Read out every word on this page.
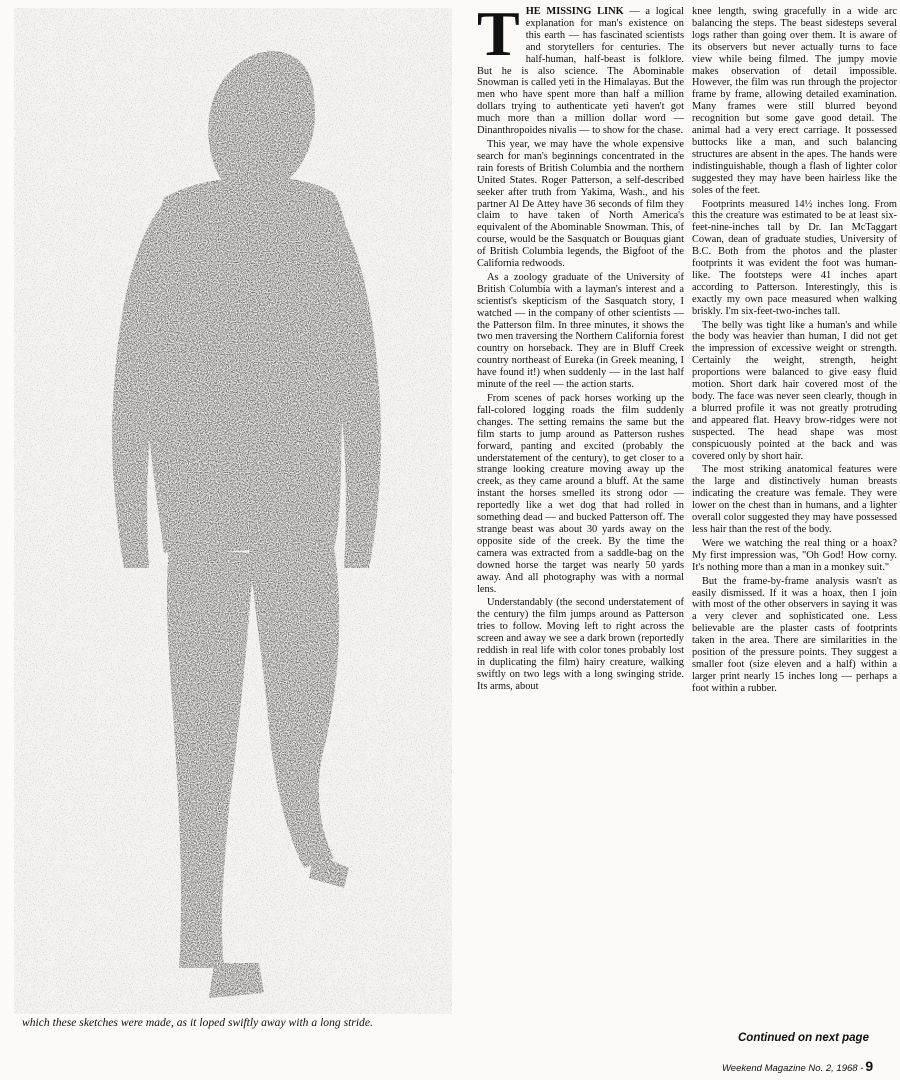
which these sketches were made, as it loped swiftly away with a long stride.

THE MISSING LINK — a logical explanation for man's existence on this earth — has fascinated scientists and storytellers for centuries. The half-human, half-beast is folklore. But he is also science. The Abominable Snowman is called yeti in the Himalayas. But the men who have spent more than half a million dollars trying to authenticate yeti haven't got much more than a million dollar word — Dinanthropoides nivalis — to show for the chase.

This year, we may have the whole expensive search for man's beginnings concentrated in the rain forests of British Columbia and the northern United States. Roger Patterson, a self-described seeker after truth from Yakima, Wash., and his partner Al De Attey have 36 seconds of film they claim to have taken of North America's equivalent of the Abominable Snowman. This, of course, would be the Sasquatch or Bouquas giant of British Columbia legends, the Bigfoot of the California redwoods.

As a zoology graduate of the University of British Columbia with a layman's interest and a scientist's skepticism of the Sasquatch story, I watched — in the company of other scientists — the Patterson film. In three minutes, it shows the two men traversing the Northern California forest country on horseback. They are in Bluff Creek country northeast of Eureka (in Greek meaning, I have found it!) when suddenly — in the last half minute of the reel — the action starts.

From scenes of pack horses working up the fall-colored logging roads the film suddenly changes. The setting remains the same but the film starts to jump around as Patterson rushes forward, panting and excited (probably the understatement of the century), to get closer to a strange looking creature moving away up the creek, as they came around a bluff. At the same instant the horses smelled its strong odor — reportedly like a wet dog that had rolled in something dead — and bucked Patterson off. The strange beast was about 30 yards away on the opposite side of the creek. By the time the camera was extracted from a saddle-bag on the downed horse the target was nearly 50 yards away. And all photography was with a normal lens.

Understandably (the second understatement of the century) the film jumps around as Patterson tries to follow. Moving left to right across the screen and away we see a dark brown (reportedly reddish in real life with color tones probably lost in duplicating the film) hairy creature, walking swiftly on two legs with a long swinging stride. Its arms, about

knee length, swing gracefully in a wide arc balancing the steps. The beast sidesteps several logs rather than going over them. It is aware of its observers but never actually turns to face view while being filmed. The jumpy movie makes observation of detail impossible. However, the film was run through the projector frame by frame, allowing detailed examination. Many frames were still blurred beyond recognition but some gave good detail. The animal had a very erect carriage. It possessed buttocks like a man, and such balancing structures are absent in the apes. The hands were indistinguishable, though a flash of lighter color suggested they may have been hairless like the soles of the feet.

Footprints measured 14½ inches long. From this the creature was estimated to be at least six-feet-nine-inches tall by Dr. Ian McTaggart Cowan, dean of graduate studies, University of B.C. Both from the photos and the plaster footprints it was evident the foot was human-like. The footsteps were 41 inches apart according to Patterson. Interestingly, this is exactly my own pace measured when walking briskly. I'm six-feet-two-inches tall.

The belly was tight like a human's and while the body was heavier than human, I did not get the impression of excessive weight or strength. Certainly the weight, strength, height proportions were balanced to give easy fluid motion. Short dark hair covered most of the body. The face was never seen clearly, though in a blurred profile it was not greatly protruding and appeared flat. Heavy brow-ridges were not suspected. The head shape was most conspicuously pointed at the back and was covered only by short hair.

The most striking anatomical features were the large and distinctively human breasts indicating the creature was female. They were lower on the chest than in humans, and a lighter overall color suggested they may have possessed less hair than the rest of the body.

Were we watching the real thing or a hoax? My first impression was, "Oh God! How corny. It's nothing more than a man in a monkey suit."

But the frame-by-frame analysis wasn't as easily dismissed. If it was a hoax, then I join with most of the other observers in saying it was a very clever and sophisticated one. Less believable are the plaster casts of footprints taken in the area. There are similarities in the position of the pressure points. They suggest a smaller foot (size eleven and a half) within a larger print nearly 15 inches long — perhaps a foot within a rubber.

Continued on next page
Weekend Magazine No. 2, 1968 - 9
